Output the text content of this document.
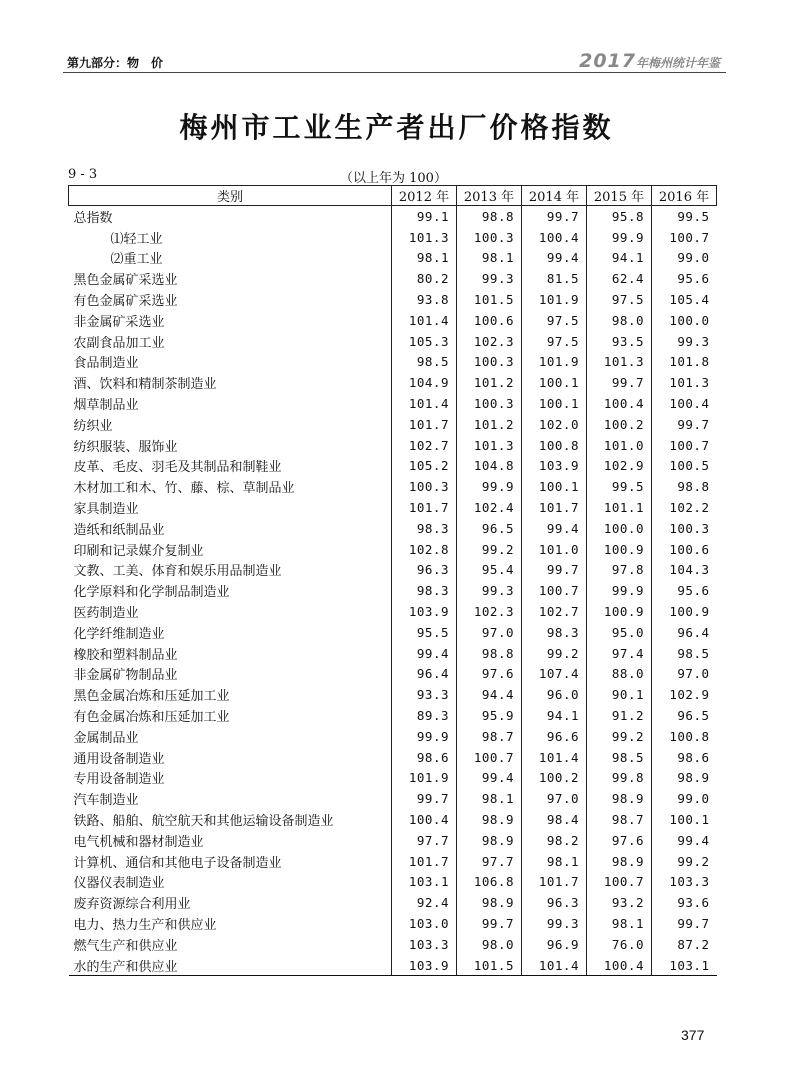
第九部分：物　价	2017年梅州统计年鉴
梅州市工业生产者出厂价格指数
9 - 3	（以上年为 100）
类别	2012 年	2013 年	2014 年	2015 年	2016 年
总指数	99.1	98.8	99.7	95.8	99.5
⑴轻工业	101.3	100.3	100.4	99.9	100.7
⑵重工业	98.1	98.1	99.4	94.1	99.0
黑色金属矿采选业	80.2	99.3	81.5	62.4	95.6
有色金属矿采选业	93.8	101.5	101.9	97.5	105.4
非金属矿采选业	101.4	100.6	97.5	98.0	100.0
农副食品加工业	105.3	102.3	97.5	93.5	99.3
食品制造业	98.5	100.3	101.9	101.3	101.8
酒、饮料和精制茶制造业	104.9	101.2	100.1	99.7	101.3
烟草制品业	101.4	100.3	100.1	100.4	100.4
纺织业	101.7	101.2	102.0	100.2	99.7
纺织服装、服饰业	102.7	101.3	100.8	101.0	100.7
皮革、毛皮、羽毛及其制品和制鞋业	105.2	104.8	103.9	102.9	100.5
木材加工和木、竹、藤、棕、草制品业	100.3	99.9	100.1	99.5	98.8
家具制造业	101.7	102.4	101.7	101.1	102.2
造纸和纸制品业	98.3	96.5	99.4	100.0	100.3
印刷和记录媒介复制业	102.8	99.2	101.0	100.9	100.6
文教、工美、体育和娱乐用品制造业	96.3	95.4	99.7	97.8	104.3
化学原料和化学制品制造业	98.3	99.3	100.7	99.9	95.6
医药制造业	103.9	102.3	102.7	100.9	100.9
化学纤维制造业	95.5	97.0	98.3	95.0	96.4
橡胶和塑料制品业	99.4	98.8	99.2	97.4	98.5
非金属矿物制品业	96.4	97.6	107.4	88.0	97.0
黑色金属冶炼和压延加工业	93.3	94.4	96.0	90.1	102.9
有色金属冶炼和压延加工业	89.3	95.9	94.1	91.2	96.5
金属制品业	99.9	98.7	96.6	99.2	100.8
通用设备制造业	98.6	100.7	101.4	98.5	98.6
专用设备制造业	101.9	99.4	100.2	99.8	98.9
汽车制造业	99.7	98.1	97.0	98.9	99.0
铁路、船舶、航空航天和其他运输设备制造业	100.4	98.9	98.4	98.7	100.1
电气机械和器材制造业	97.7	98.9	98.2	97.6	99.4
计算机、通信和其他电子设备制造业	101.7	97.7	98.1	98.9	99.2
仪器仪表制造业	103.1	106.8	101.7	100.7	103.3
废弃资源综合利用业	92.4	98.9	96.3	93.2	93.6
电力、热力生产和供应业	103.0	99.7	99.3	98.1	99.7
燃气生产和供应业	103.3	98.0	96.9	76.0	87.2
水的生产和供应业	103.9	101.5	101.4	100.4	103.1
377
